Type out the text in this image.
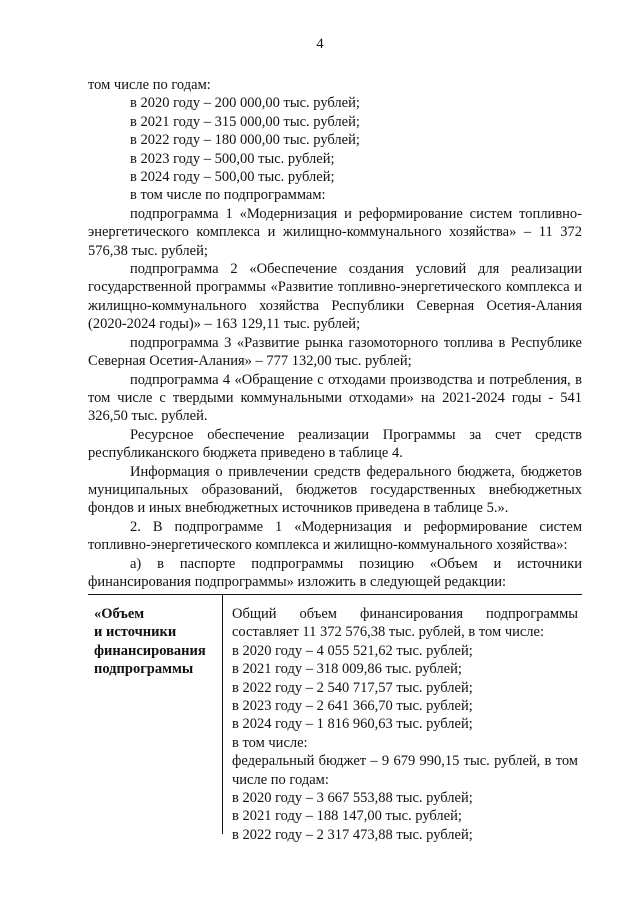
4

том числе по годам:

в 2020 году – 200 000,00 тыс. рублей;

в 2021 году – 315 000,00 тыс. рублей;

в 2022 году – 180 000,00 тыс. рублей;

в 2023 году – 500,00 тыс. рублей;

в 2024 году – 500,00 тыс. рублей;

в том числе по подпрограммам:

подпрограмма 1 «Модернизация и реформирование систем топливно-энергетического комплекса и жилищно-коммунального хозяйства» – 11 372 576,38 тыс. рублей;

подпрограмма 2 «Обеспечение создания условий для реализации государственной программы «Развитие топливно-энергетического комплекса и жилищно-коммунального хозяйства Республики Северная Осетия-Алания (2020-2024 годы)» – 163 129,11 тыс. рублей;

подпрограмма 3 «Развитие рынка газомоторного топлива в Республике Северная Осетия-Алания» – 777 132,00 тыс. рублей;

подпрограмма 4 «Обращение с отходами производства и потребления, в том числе с твердыми коммунальными отходами» на 2021-2024 годы - 541 326,50 тыс. рублей.

Ресурсное обеспечение реализации Программы за счет средств республиканского бюджета приведено в таблице 4.

Информация о привлечении средств федерального бюджета, бюджетов муниципальных образований, бюджетов государственных внебюджетных фондов и иных внебюджетных источников приведена в таблице 5.».

2. В подпрограмме 1 «Модернизация и реформирование систем топливно-энергетического комплекса и жилищно-коммунального хозяйства»:

а) в паспорте подпрограммы позицию «Объем и источники финансирования подпрограммы» изложить в следующей редакции:

«Объем
и источники
финансирования
подпрограммы

Общий объем финансирования подпрограммы составляет 11 372 576,38 тыс. рублей, в том числе:

в 2020 году – 4 055 521,62 тыс. рублей;

в 2021 году – 318 009,86 тыс. рублей;

в 2022 году – 2 540 717,57 тыс. рублей;

в 2023 году – 2 641 366,70 тыс. рублей;

в 2024 году – 1 816 960,63 тыс. рублей;

в том числе:

федеральный бюджет – 9 679 990,15 тыс. рублей, в том числе по годам:

в 2020 году – 3 667 553,88 тыс. рублей;

в 2021 году – 188 147,00 тыс. рублей;

в 2022 году – 2 317 473,88 тыс. рублей;
